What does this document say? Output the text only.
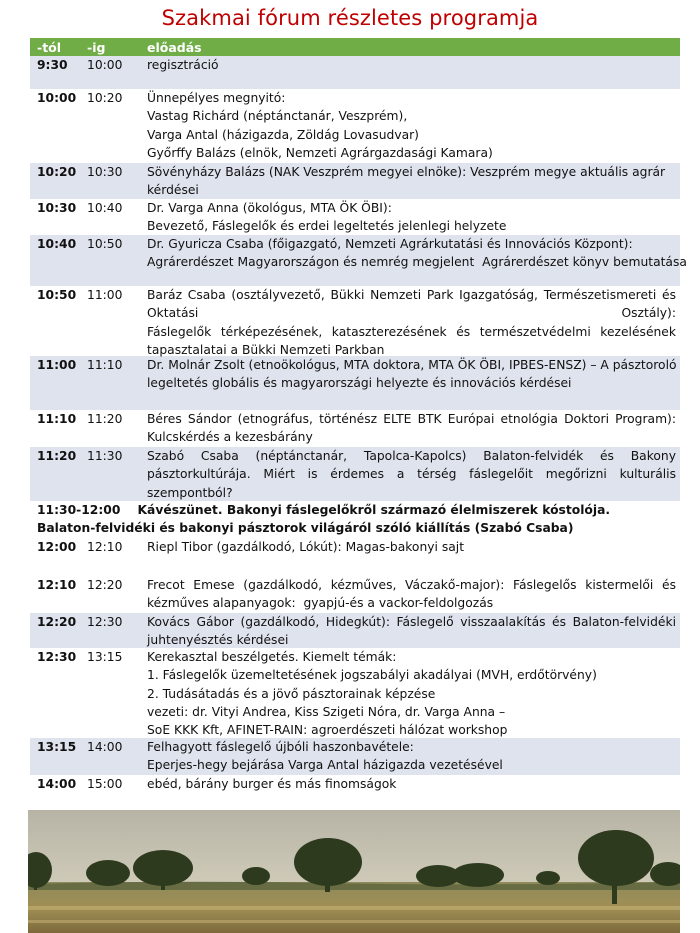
Szakmai fórum részletes programja
-tól	-ig	előadás
9:30	10:00	regisztráció
10:00 10:20	Ünnepélyes megnyitó:
Vastag Richárd (néptánctanár, Veszprém),
Varga Antal (házigazda, Zöldág Lovasudvar)
Győrffy Balázs (elnök, Nemzeti Agrárgazdasági Kamara)
10:20 10:30	Sövényházy Balázs (NAK Veszprém megyei elnöke): Veszprém megye aktuális agrár
kérdései
10:30 10:40	Dr. Varga Anna (ökológus, MTA ÖK ÖBI):
Bevezető, Fáslegelők és erdei legeltetés jelenlegi helyzete
10:40 10:50	Dr. Gyuricza Csaba (főigazgató, Nemzeti Agrárkutatási és Innovációs Központ):
Agrárerdészet Magyarországon és nemrég megjelent  Agrárerdészet könyv bemutatása
10:50 11:00	Baráz Csaba (osztályvezető, Bükki Nemzeti Park Igazgatóság, Természetismereti és
Oktatási Osztály):
Fáslegelők térképezésének, kataszterezésének és természetvédelmi kezelésének
tapasztalatai a Bükki Nemzeti Parkban
11:00 11:10	Dr. Molnár Zsolt (etnoökológus, MTA doktora, MTA ÖK ÖBI, IPBES-ENSZ) – A pásztoroló
legeltetés globális és magyarországi helyezte és innovációs kérdései
11:10 11:20	Béres Sándor (etnográfus, történész ELTE BTK Európai etnológia Doktori Program):
Kulcskérdés a kezesbárány
11:20 11:30	Szabó Csaba (néptánctanár, Tapolca-Kapolcs) Balaton-felvidék és Bakony
pásztorkultúrája. Miért is érdemes a térség fáslegelőit megőrizni kulturális
szempontból?
11:30-12:00    Kávészünet. Bakonyi fáslegelőkről származó élelmiszerek kóstolója.
Balaton-felvidéki és bakonyi pásztorok világáról szóló kiállítás (Szabó Csaba)
12:00 12:10	Riepl Tibor (gazdálkodó, Lókút): Magas-bakonyi sajt
12:10 12:20	Frecot Emese (gazdálkodó, kézműves, Váczakő-major): Fáslegelős kistermelői és
kézműves alapanyagok:  gyapjú-és a vackor-feldolgozás
12:20 12:30	Kovács Gábor (gazdálkodó, Hidegkút): Fáslegelő visszaalakítás és Balaton-felvidéki
juhtenyésztés kérdései
12:30 13:15	Kerekasztal beszélgetés. Kiemelt témák:
1. Fáslegelők üzemeltetésének jogszabályi akadályai (MVH, erdőtörvény)
2. Tudásátadás és a jövő pásztorainak képzése
vezeti: dr. Vityi Andrea, Kiss Szigeti Nóra, dr. Varga Anna –
SoE KKK Kft, AFINET-RAIN: agroerdészeti hálózat workshop
13:15 14:00	Felhagyott fáslegelő újbóli haszonbavétele:
Eperjes-hegy bejárása Varga Antal házigazda vezetésével
14:00 15:00	ebéd, bárány burger és más finomságok
